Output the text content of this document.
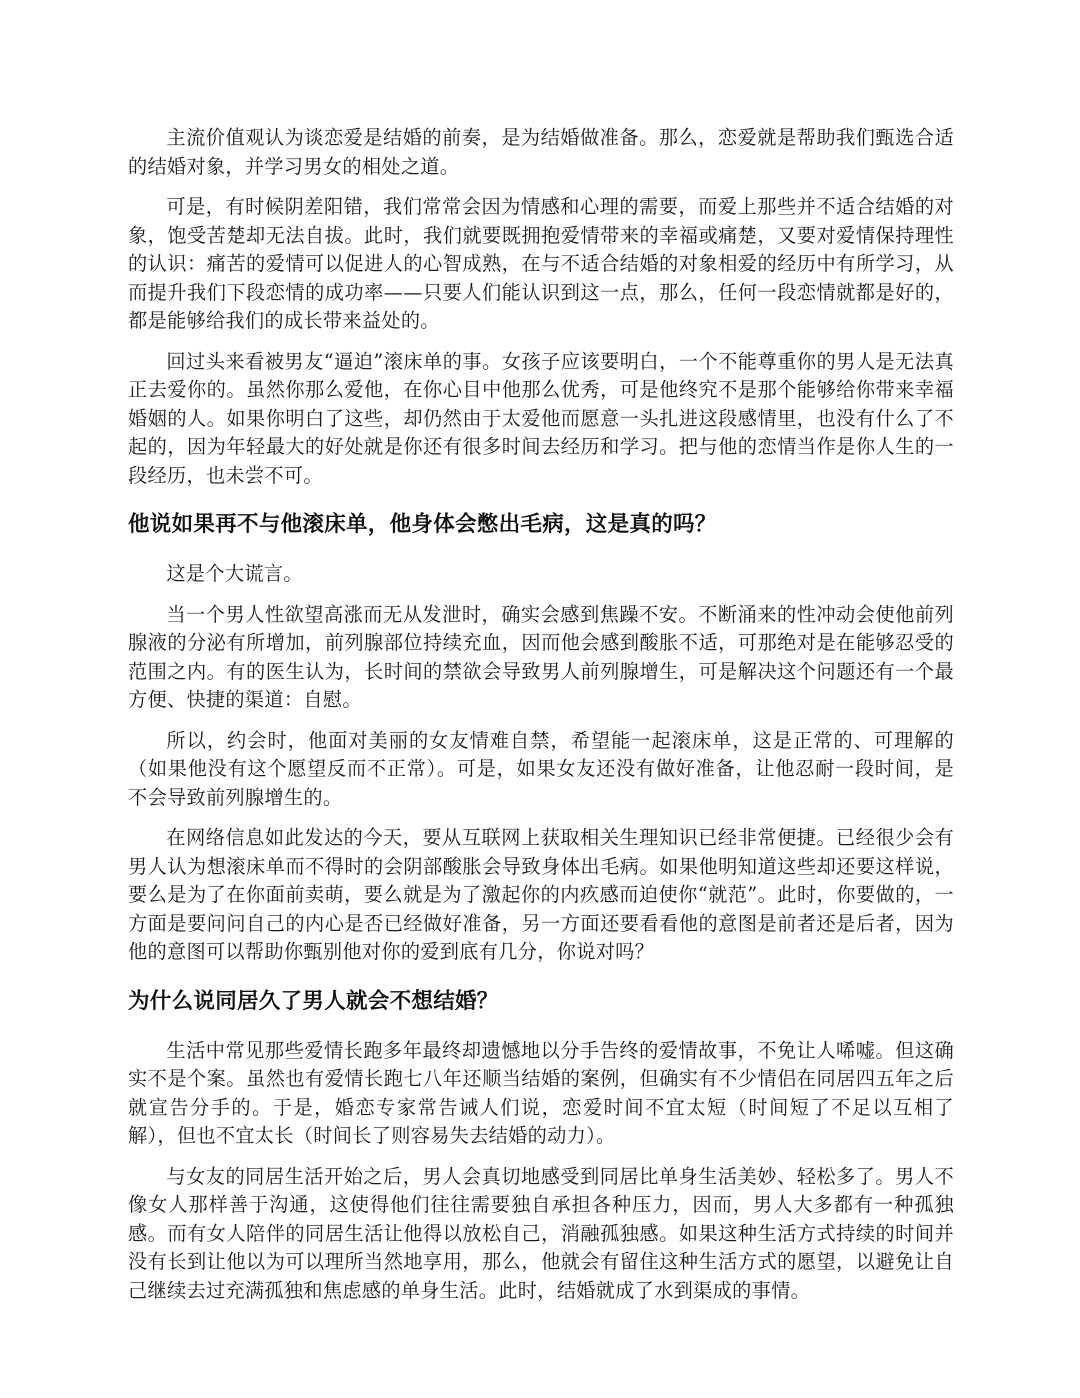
主流价值观认为谈恋爱是结婚的前奏，是为结婚做准备。那么，恋爱就是帮助我们甄选合适的结婚对象，并学习男女的相处之道。

可是，有时候阴差阳错，我们常常会因为情感和心理的需要，而爱上那些并不适合结婚的对象，饱受苦楚却无法自拔。此时，我们就要既拥抱爱情带来的幸福或痛楚，又要对爱情保持理性的认识：痛苦的爱情可以促进人的心智成熟，在与不适合结婚的对象相爱的经历中有所学习，从而提升我们下段恋情的成功率——只要人们能认识到这一点，那么，任何一段恋情就都是好的，都是能够给我们的成长带来益处的。

回过头来看被男友“逼迫”滚床单的事。女孩子应该要明白，一个不能尊重你的男人是无法真正去爱你的。虽然你那么爱他，在你心目中他那么优秀，可是他终究不是那个能够给你带来幸福婚姻的人。如果你明白了这些，却仍然由于太爱他而愿意一头扎进这段感情里，也没有什么了不起的，因为年轻最大的好处就是你还有很多时间去经历和学习。把与他的恋情当作是你人生的一段经历，也未尝不可。

他说如果再不与他滚床单，他身体会憋出毛病，这是真的吗？

这是个大谎言。

当一个男人性欲望高涨而无从发泄时，确实会感到焦躁不安。不断涌来的性冲动会使他前列腺液的分泌有所增加，前列腺部位持续充血，因而他会感到酸胀不适，可那绝对是在能够忍受的范围之内。有的医生认为，长时间的禁欲会导致男人前列腺增生，可是解决这个问题还有一个最方便、快捷的渠道：自慰。

所以，约会时，他面对美丽的女友情难自禁，希望能一起滚床单，这是正常的、可理解的（如果他没有这个愿望反而不正常）。可是，如果女友还没有做好准备，让他忍耐一段时间，是不会导致前列腺增生的。

在网络信息如此发达的今天，要从互联网上获取相关生理知识已经非常便捷。已经很少会有男人认为想滚床单而不得时的会阴部酸胀会导致身体出毛病。如果他明知道这些却还要这样说，要么是为了在你面前卖萌，要么就是为了激起你的内疚感而迫使你“就范”。此时，你要做的，一方面是要问问自己的内心是否已经做好准备，另一方面还要看看他的意图是前者还是后者，因为他的意图可以帮助你甄别他对你的爱到底有几分，你说对吗？

为什么说同居久了男人就会不想结婚？

生活中常见那些爱情长跑多年最终却遗憾地以分手告终的爱情故事，不免让人唏嘘。但这确实不是个案。虽然也有爱情长跑七八年还顺当结婚的案例，但确实有不少情侣在同居四五年之后就宣告分手的。于是，婚恋专家常告诫人们说，恋爱时间不宜太短（时间短了不足以互相了解），但也不宜太长（时间长了则容易失去结婚的动力）。

与女友的同居生活开始之后，男人会真切地感受到同居比单身生活美妙、轻松多了。男人不像女人那样善于沟通，这使得他们往往需要独自承担各种压力，因而，男人大多都有一种孤独感。而有女人陪伴的同居生活让他得以放松自己，消融孤独感。如果这种生活方式持续的时间并没有长到让他以为可以理所当然地享用，那么，他就会有留住这种生活方式的愿望，以避免让自己继续去过充满孤独和焦虑感的单身生活。此时，结婚就成了水到渠成的事情。
